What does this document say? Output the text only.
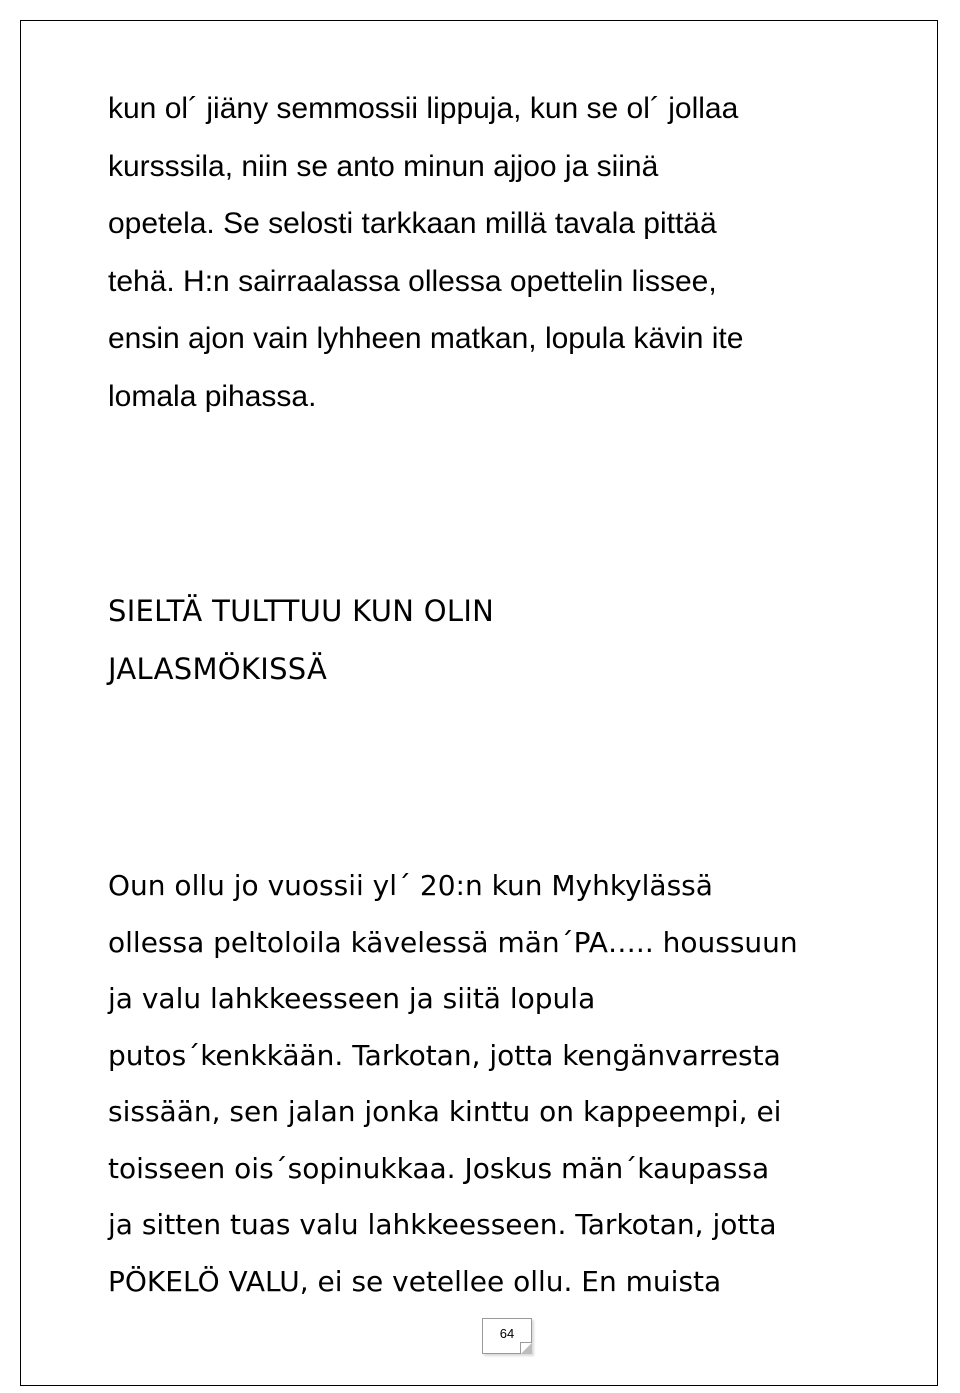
kun ol´ jiäny semmossii lippuja, kun se ol´ jollaa
kursssila, niin se anto minun ajjoo ja siinä
opetela. Se selosti tarkkaan millä tavala pittää
tehä. H:n sairraalassa ollessa opettelin lissee,
ensin ajon vain lyhheen matkan, lopula kävin ite
lomala pihassa.
SIELTÄ TULTTUU KUN OLIN
JALASMÖKISSÄ
Oun ollu jo vuossii yl´ 20:n kun Myhkylässä
ollessa peltoloila kävelessä män´PA….. houssuun
ja valu lahkkeesseen ja siitä lopula
putos´kenkkään. Tarkotan, jotta kengänvarresta
sissään, sen jalan jonka kinttu on kappeempi, ei
toisseen ois´sopinukkaa. Joskus män´kaupassa
ja sitten tuas valu lahkkeesseen. Tarkotan, jotta
PÖKELÖ VALU, ei se vetellee ollu. En muista
64
